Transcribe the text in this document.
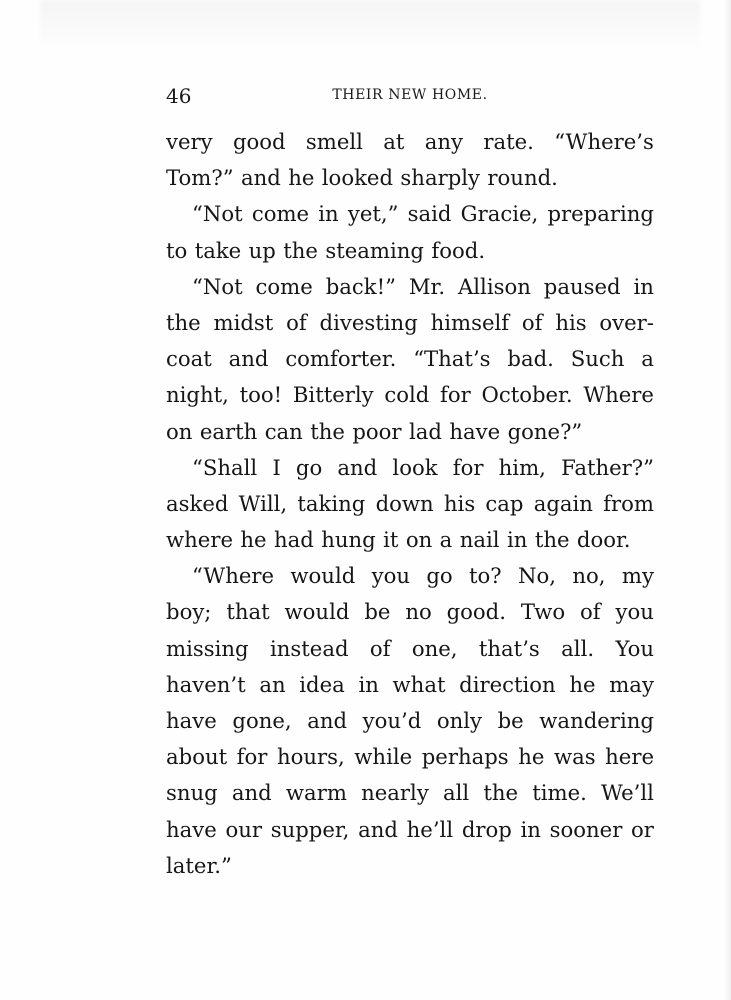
46	THEIR NEW HOME.
very good smell at any rate. “Where’s
Tom?” and he looked sharply round.
“Not come in yet,” said Gracie, preparing
to take up the steaming food.
“Not come back!” Mr. Allison paused in
the midst of divesting himself of his over-
coat and comforter. “That’s bad. Such a
night, too! Bitterly cold for October. Where
on earth can the poor lad have gone?”
“Shall I go and look for him, Father?”
asked Will, taking down his cap again from
where he had hung it on a nail in the door.
“Where would you go to? No, no, my
boy; that would be no good. Two of you
missing instead of one, that’s all. You
haven’t an idea in what direction he may
have gone, and you’d only be wandering
about for hours, while perhaps he was here
snug and warm nearly all the time. We’ll
have our supper, and he’ll drop in sooner or
later.”
